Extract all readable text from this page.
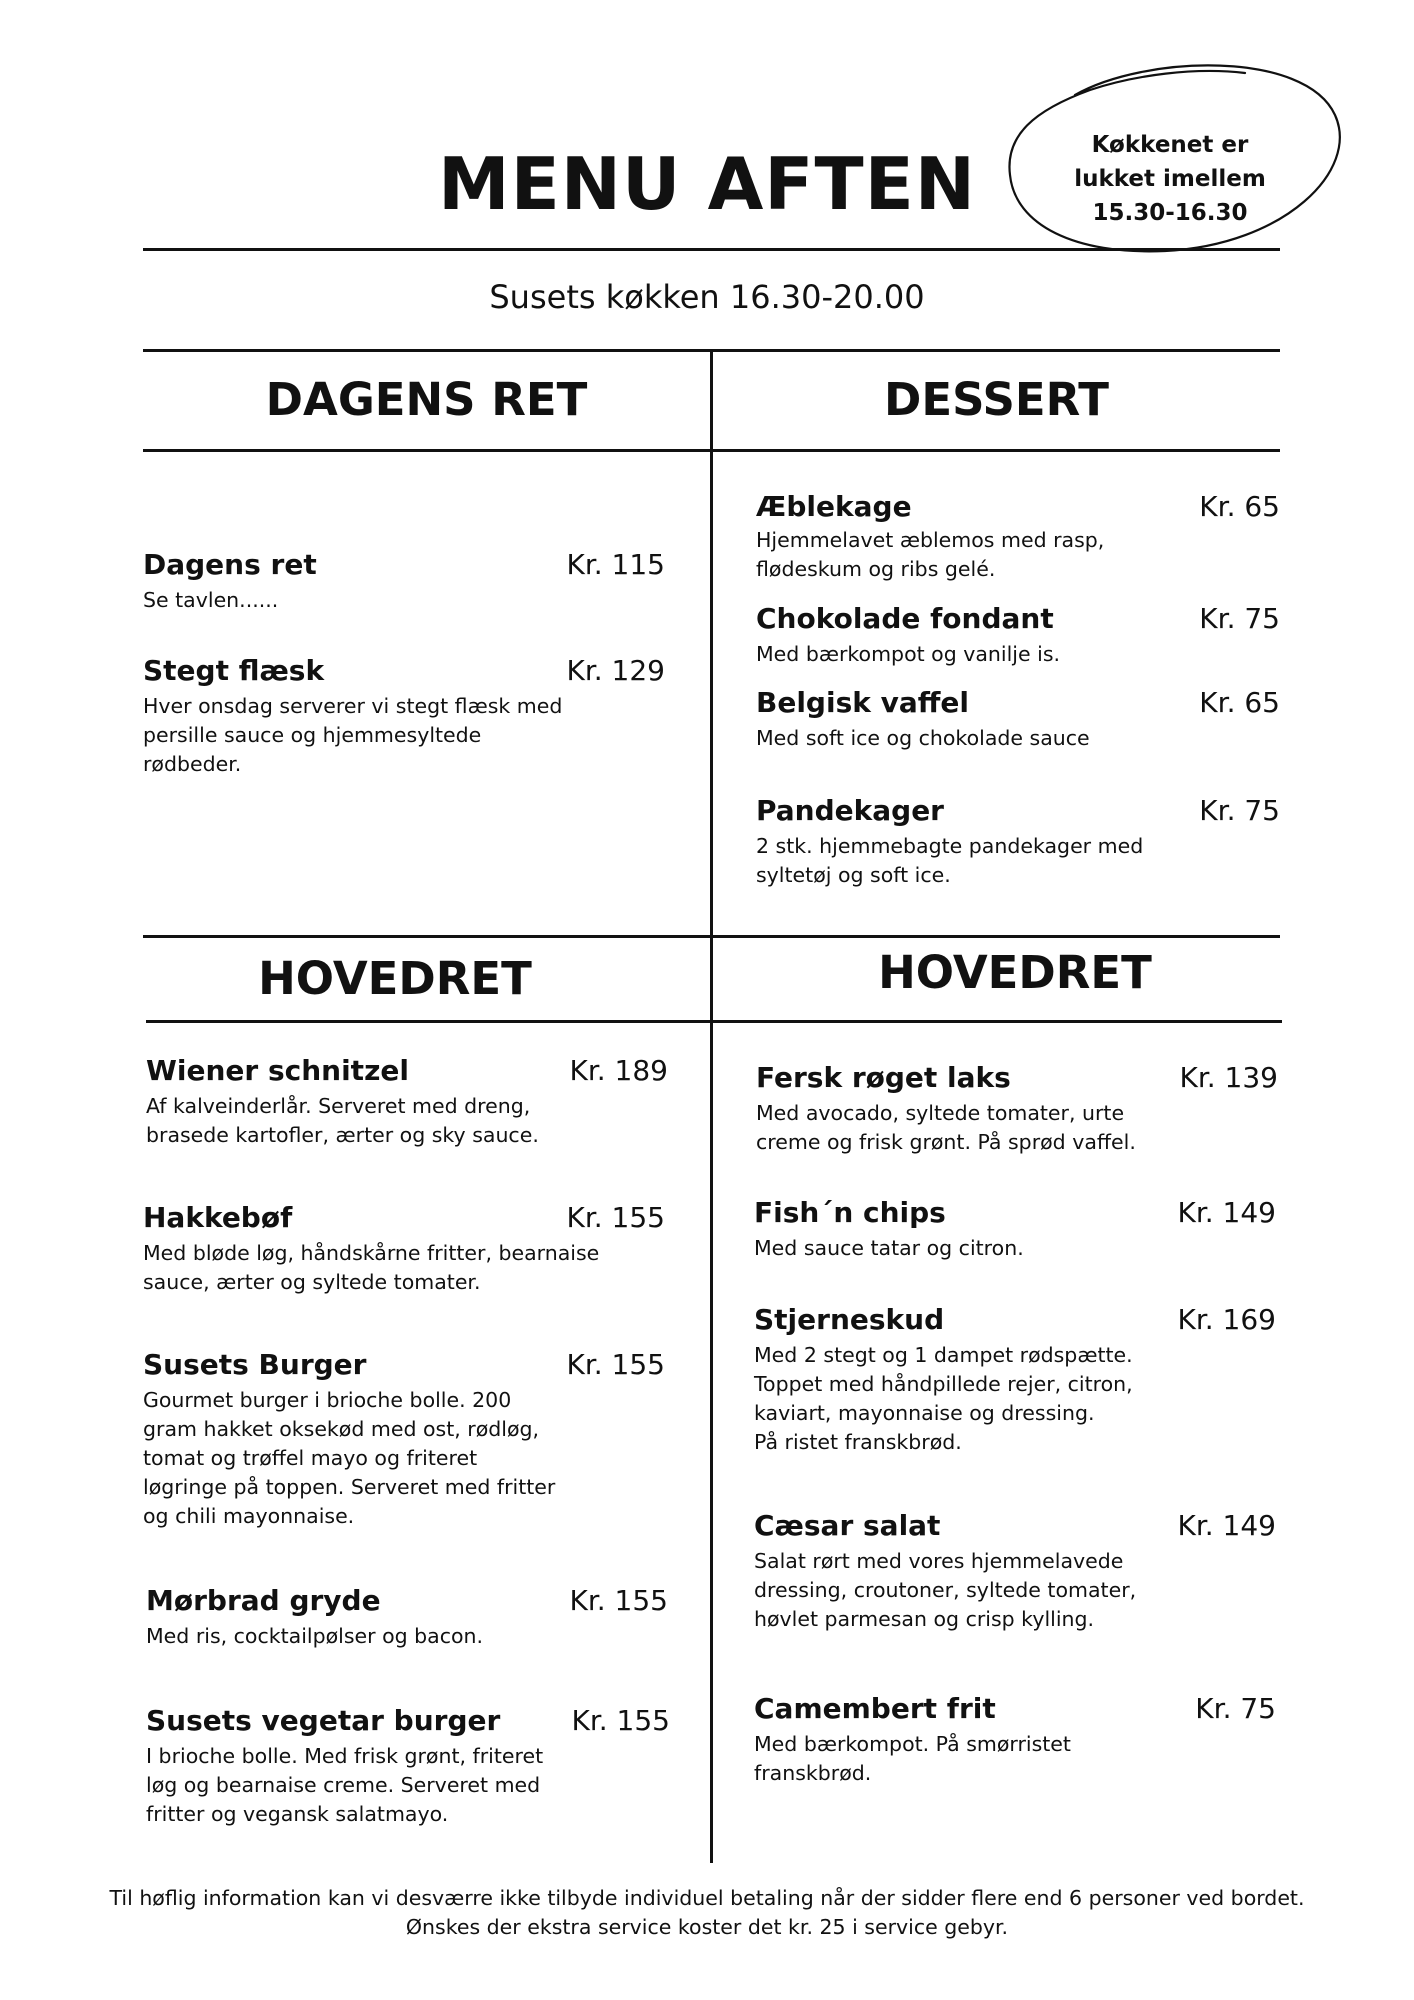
MENU AFTEN	Køkkenet er
lukket imellem
15.30-16.30
Susets køkken 16.30-20.00
DAGENS RET	DESSERT
HOVEDRET	HOVEDRET
Dagens ret	Kr. 115
Se tavlen......
Stegt flæsk	Kr. 129
Hver onsdag serverer vi stegt flæsk med
persille sauce og hjemmesyltede
rødbeder.
Æblekage	Kr. 65
Hjemmelavet æblemos med rasp,
flødeskum og ribs gelé.
Chokolade fondant	Kr. 75
Med bærkompot og vanilje is.
Belgisk vaffel	Kr. 65
Med soft ice og chokolade sauce
Pandekager	Kr. 75
2 stk. hjemmebagte pandekager med
syltetøj og soft ice.
Wiener schnitzel	Kr. 189
Af kalveinderlår. Serveret med dreng,
brasede kartofler, ærter og sky sauce.
Hakkebøf	Kr. 155
Med bløde løg, håndskårne fritter, bearnaise
sauce, ærter og syltede tomater.
Susets Burger	Kr. 155
Gourmet burger i brioche bolle. 200
gram hakket oksekød med ost, rødløg,
tomat og trøffel mayo og friteret
løgringe på toppen. Serveret med fritter
og chili mayonnaise.
Mørbrad gryde	Kr. 155
Med ris, cocktailpølser og bacon.
Susets vegetar burger	Kr. 155
I brioche bolle. Med frisk grønt, friteret
løg og bearnaise creme. Serveret med
fritter og vegansk salatmayo.
Fersk røget laks	Kr. 139
Med avocado, syltede tomater, urte
creme og frisk grønt. På sprød vaffel.
Fish´n chips	Kr. 149
Med sauce tatar og citron.
Stjerneskud	Kr. 169
Med 2 stegt og 1 dampet rødspætte.
Toppet med håndpillede rejer, citron,
kaviart, mayonnaise og dressing.
På ristet franskbrød.
Cæsar salat	Kr. 149
Salat rørt med vores hjemmelavede
dressing, croutoner, syltede tomater,
høvlet parmesan og crisp kylling.
Camembert frit	Kr. 75
Med bærkompot. På smørristet
franskbrød.
Til høflig information kan vi desværre ikke tilbyde individuel betaling når der sidder flere end 6 personer ved bordet.
Ønskes der ekstra service koster det kr. 25 i service gebyr.
